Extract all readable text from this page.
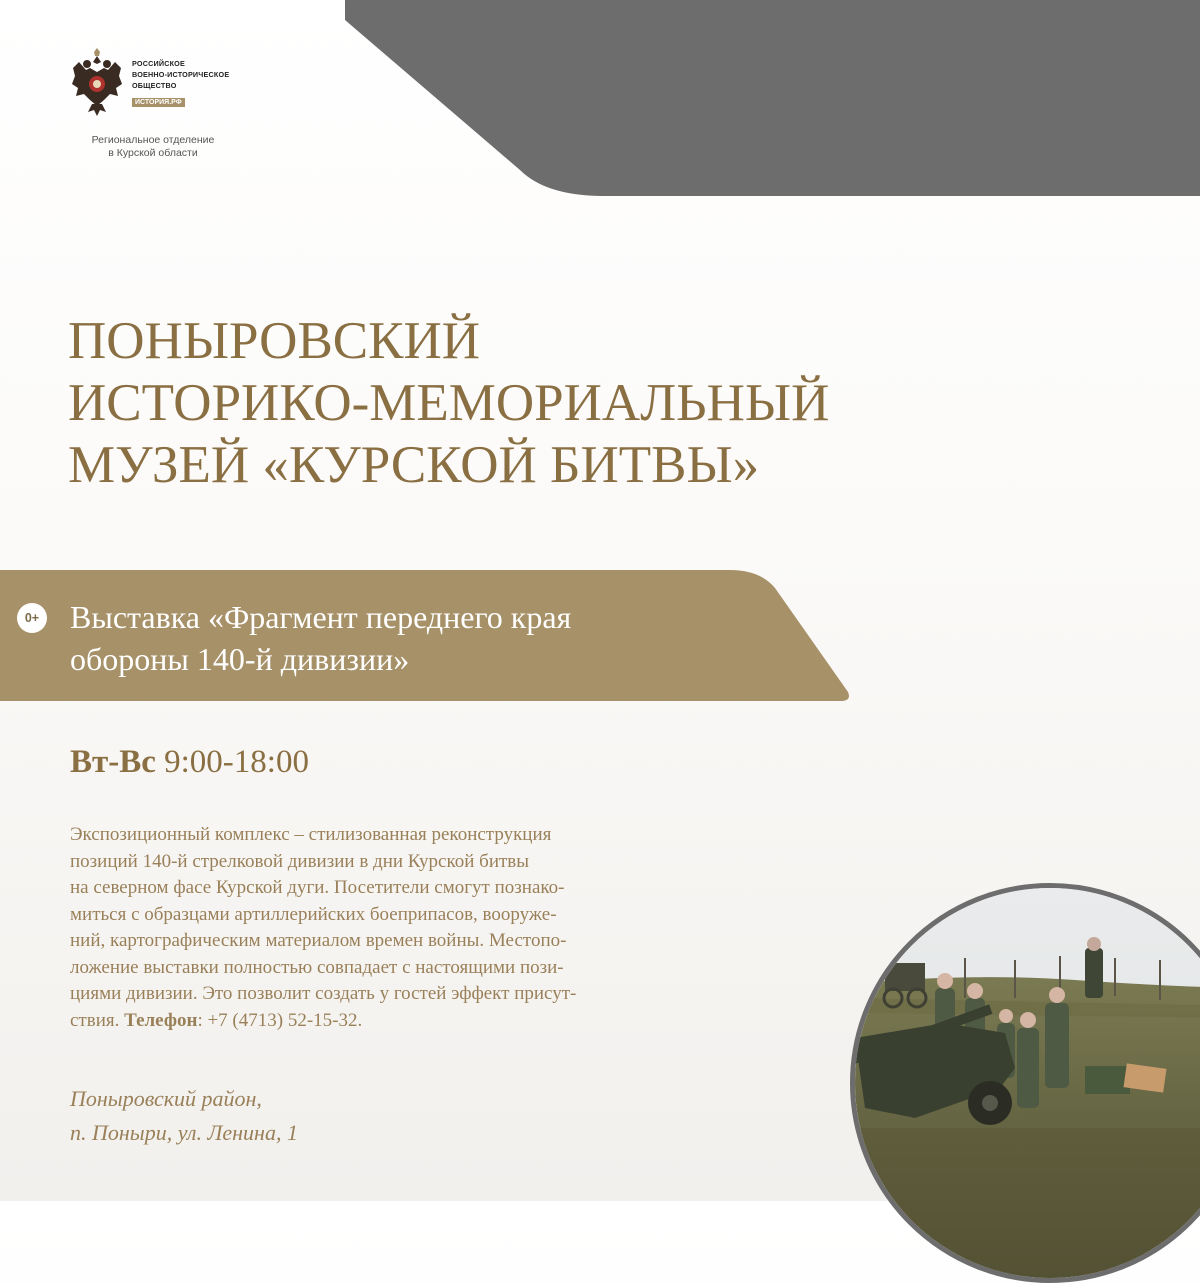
РОССИЙСКОЕ
ВОЕННО-ИСТОРИЧЕСКОЕ
ОБЩЕСТВО
ИСТОРИЯ.РФ
Региональное отделение
в Курской области
ПОНЫРОВСКИЙ
ИСТОРИКО-МЕМОРИАЛЬНЫЙ
МУЗЕЙ «КУРСКОЙ БИТВЫ»
0+ Выставка «Фрагмент переднего края
обороны 140-й дивизии»
Вт-Вс 9:00-18:00
Экспозиционный комплекс – стилизованная реконструкция
позиций 140-й стрелковой дивизии в дни Курской битвы
на северном фасе Курской дуги. Посетители смогут познако-
миться с образцами артиллерийских боеприпасов, вооруже-
ний, картографическим материалом времен войны. Местопо-
ложение выставки полностью совпадает с настоящими пози-
циями дивизии. Это позволит создать у гостей эффект присут-
ствия. Телефон: +7 (4713) 52-15-32.
Поныровский район,
п. Поныри, ул. Ленина, 1
